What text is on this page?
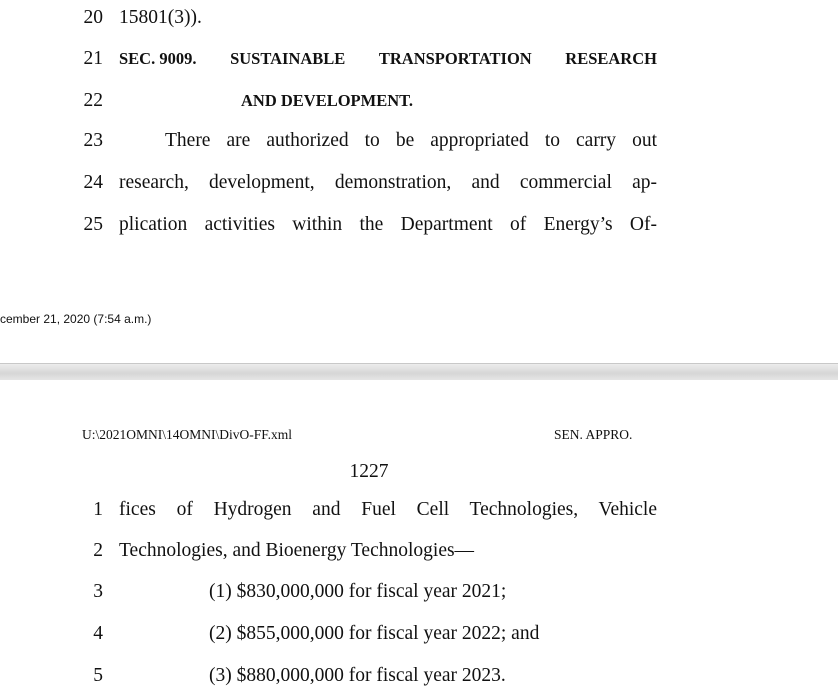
20 15801(3)).
21 SEC. 9009. SUSTAINABLE TRANSPORTATION RESEARCH
22	AND DEVELOPMENT.
23	There are authorized to be appropriated to carry out
24 research, development, demonstration, and commercial ap-
25 plication activities within the Department of Energy’s Of-
cember 21, 2020 (7:54 a.m.)
U:\2021OMNI\14OMNI\DivO-FF.xml	SEN. APPRO.
1227
1 fices of Hydrogen and Fuel Cell Technologies, Vehicle
2 Technologies, and Bioenergy Technologies—
3	(1) $830,000,000 for fiscal year 2021;
4	(2) $855,000,000 for fiscal year 2022; and
5	(3) $880,000,000 for fiscal year 2023.
